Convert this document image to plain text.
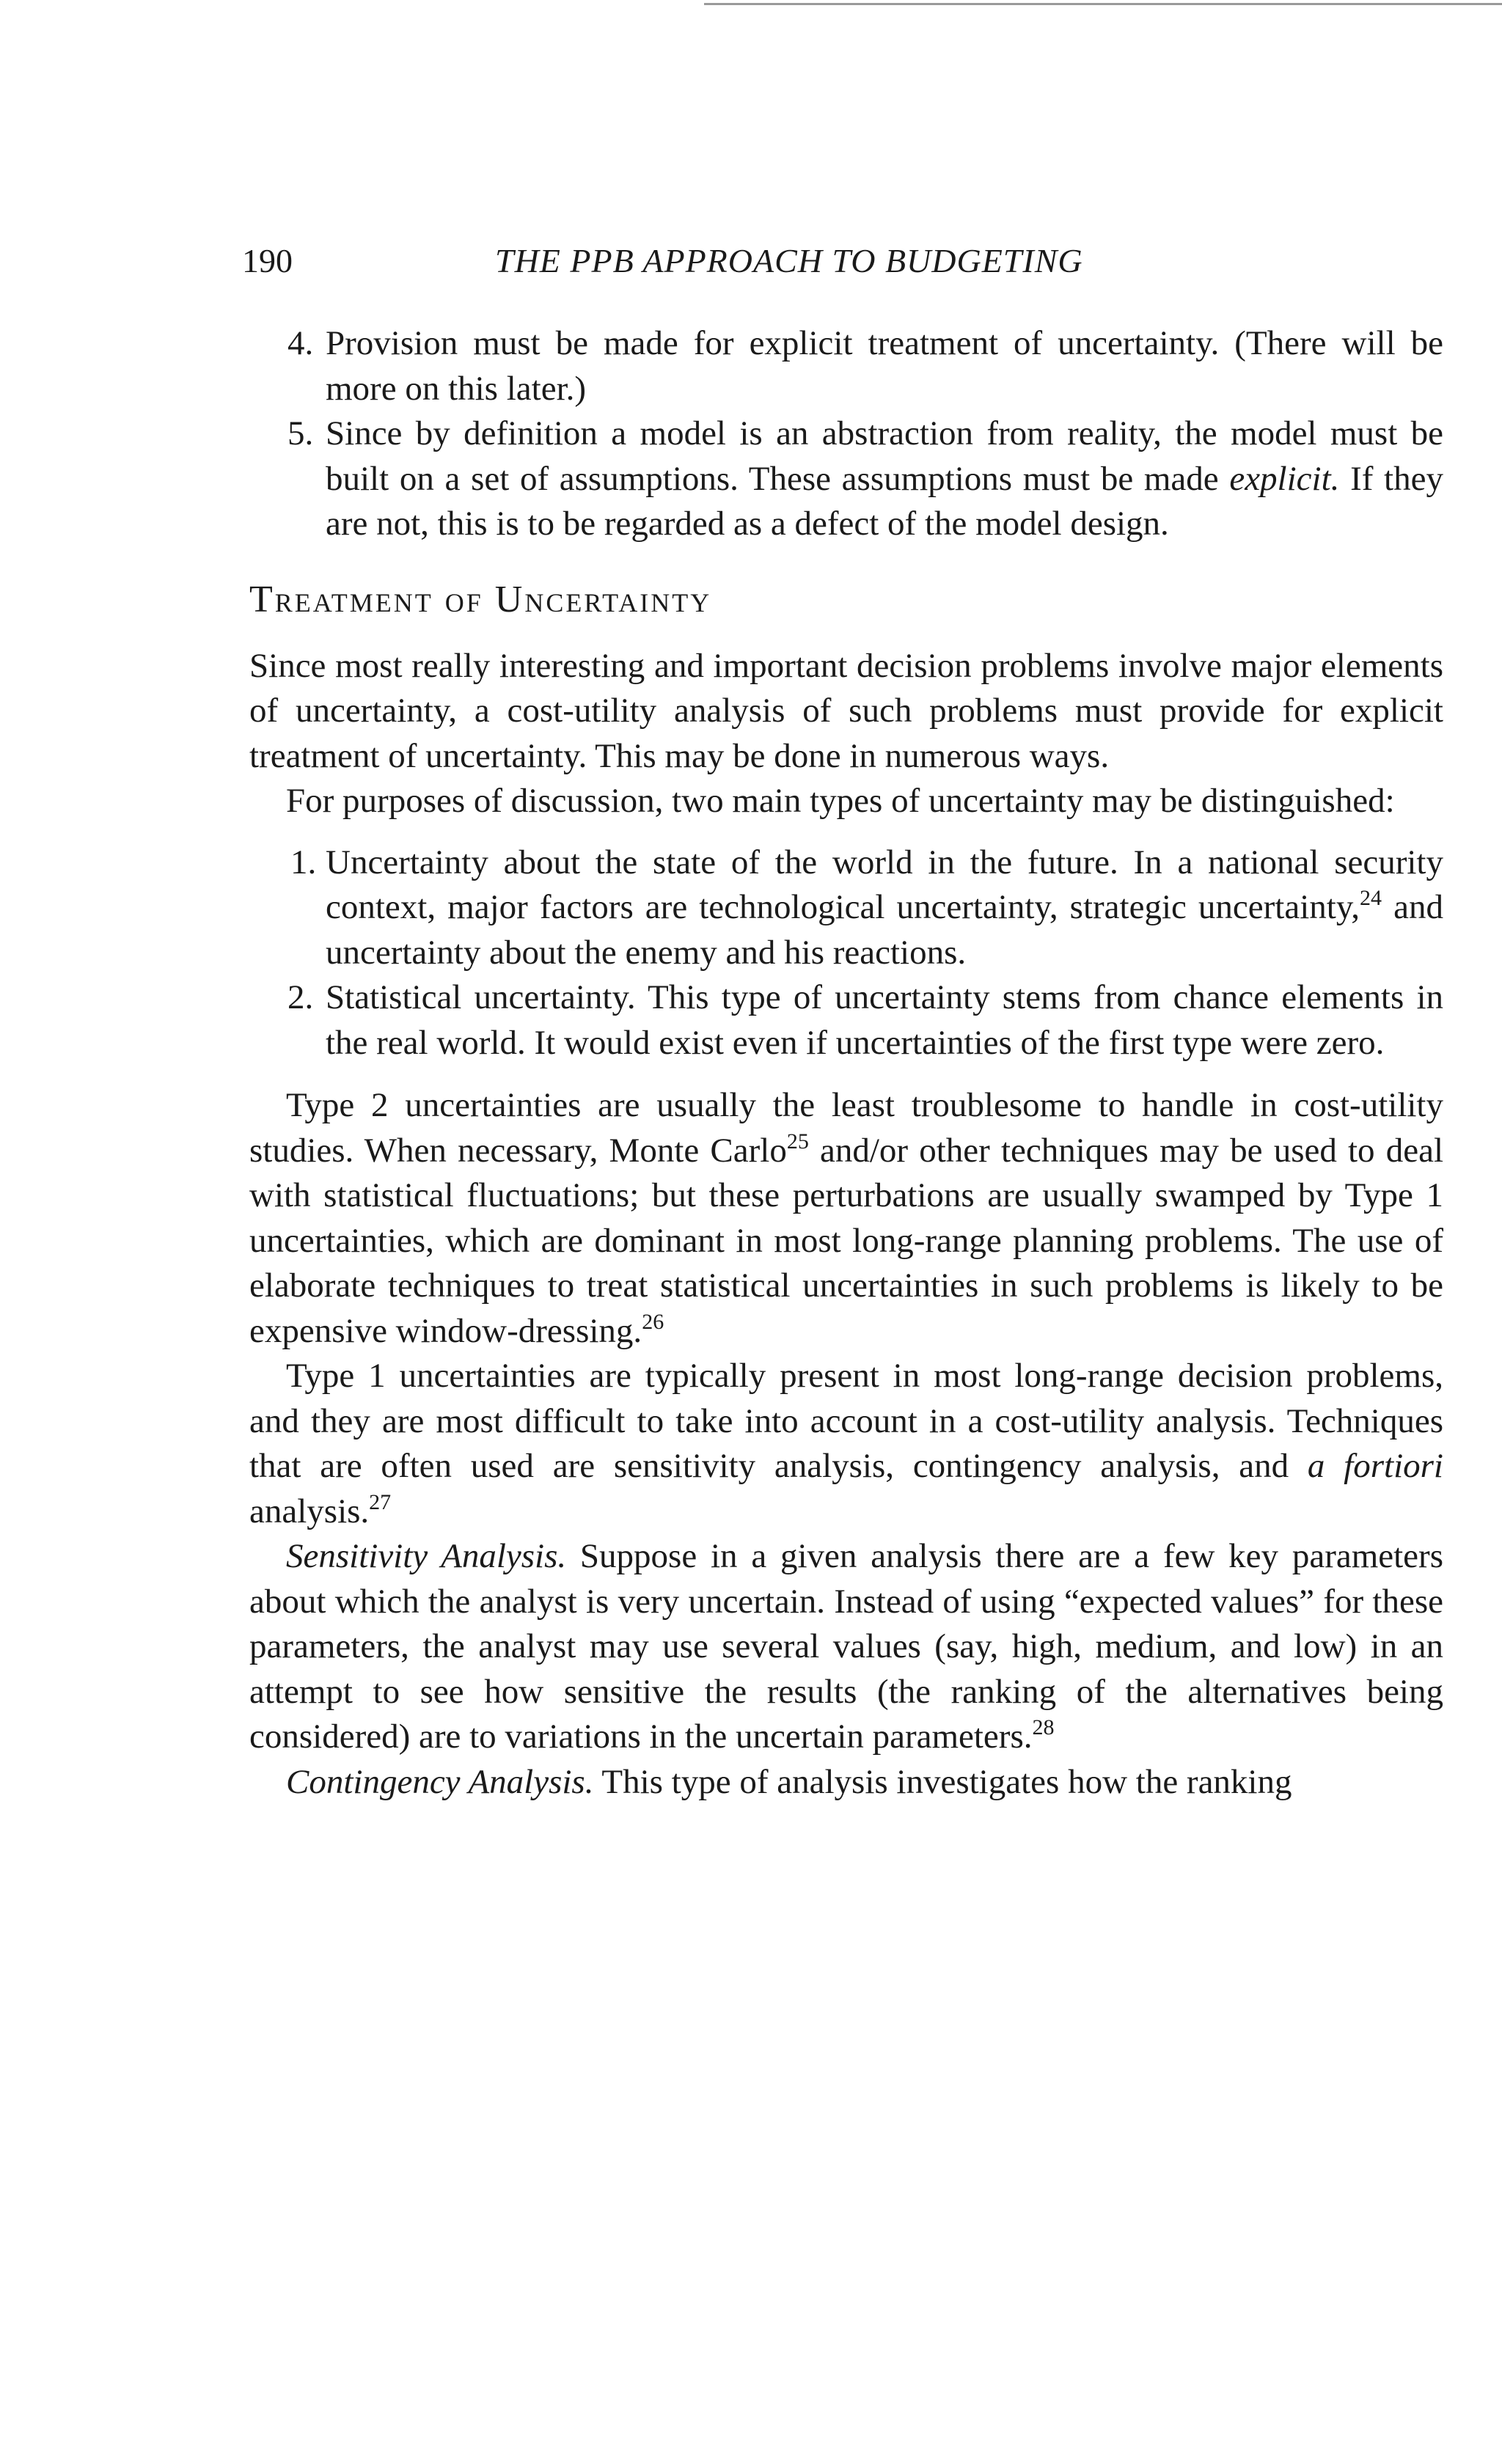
190	THE PPB APPROACH TO BUDGETING
4. Provision must be made for explicit treatment of uncertainty. (There will be more on this later.)
5. Since by definition a model is an abstraction from reality, the model must be built on a set of assumptions. These assumptions must be made explicit. If they are not, this is to be regarded as a defect of the model design.
Treatment of Uncertainty
Since most really interesting and important decision problems involve major elements of uncertainty, a cost-utility analysis of such problems must provide for explicit treatment of uncertainty. This may be done in numerous ways.
For purposes of discussion, two main types of uncertainty may be distinguished:
1. Uncertainty about the state of the world in the future. In a national security context, major factors are technological uncertainty, strategic uncertainty,$^{24}$ and uncertainty about the enemy and his reactions.
2. Statistical uncertainty. This type of uncertainty stems from chance elements in the real world. It would exist even if uncertainties of the first type were zero.
Type 2 uncertainties are usually the least troublesome to handle in cost-utility studies. When necessary, Monte Carlo$^{25}$ and/or other techniques may be used to deal with statistical fluctuations; but these perturbations are usually swamped by Type 1 uncertainties, which are dominant in most long-range planning problems. The use of elaborate techniques to treat statistical uncertainties in such problems is likely to be expensive window-dressing.$^{26}$
Type 1 uncertainties are typically present in most long-range decision problems, and they are most difficult to take into account in a cost-utility analysis. Techniques that are often used are sensitivity analysis, contingency analysis, and a fortiori analysis.$^{27}$
Sensitivity Analysis. Suppose in a given analysis there are a few key parameters about which the analyst is very uncertain. Instead of using “expected values” for these parameters, the analyst may use several values (say, high, medium, and low) in an attempt to see how sensitive the results (the ranking of the alternatives being considered) are to variations in the uncertain parameters.$^{28}$
Contingency Analysis. This type of analysis investigates how the ranking
